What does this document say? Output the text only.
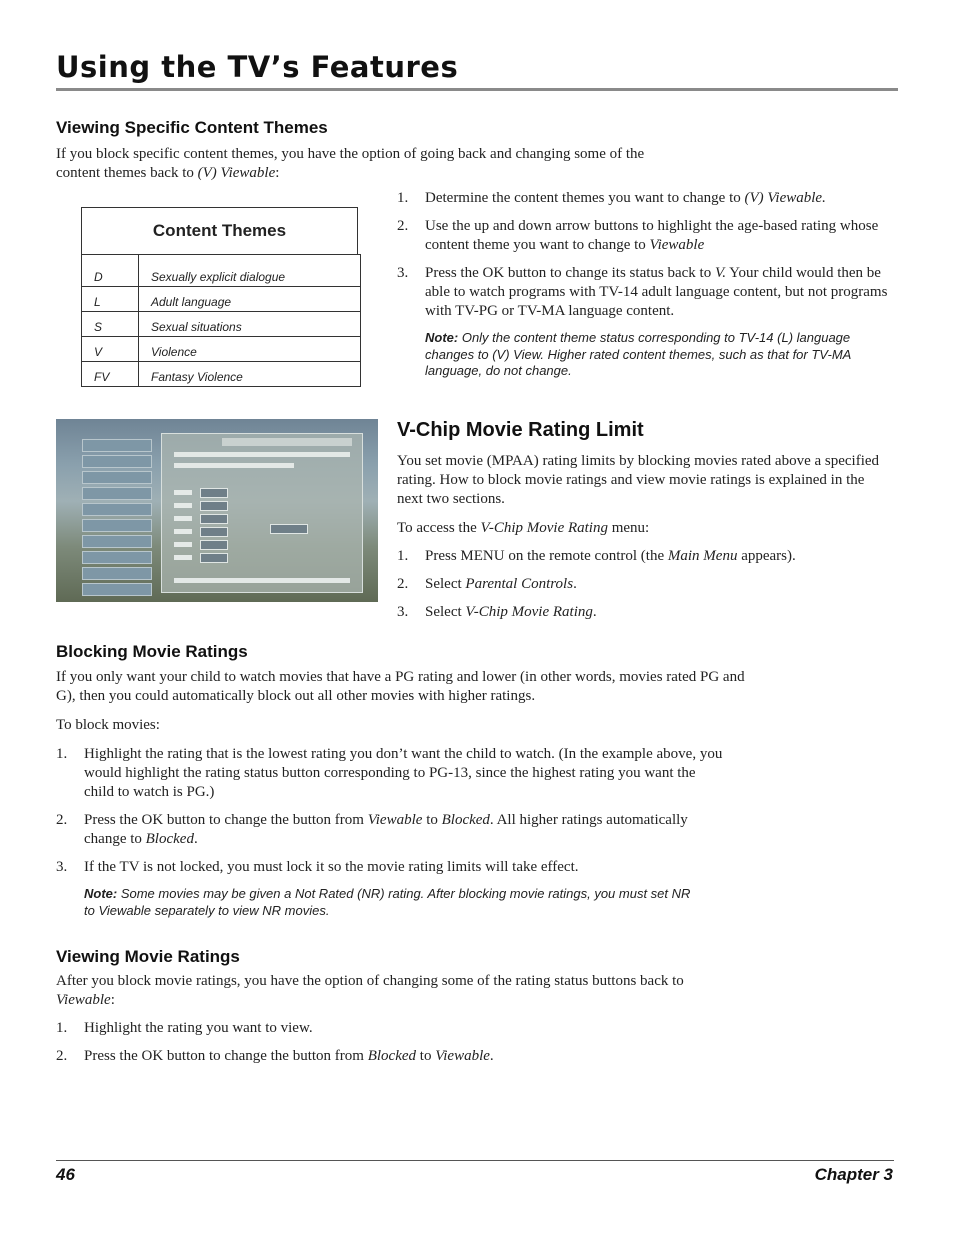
Using the TV’s Features
Viewing Specific Content Themes
If you block specific content themes, you have the option of going back and changing some of the
content themes back to (V) Viewable:
Content Themes
D	Sexually explicit dialogue
L	Adult language
S	Sexual situations
V	Violence
FV	Fantasy Violence
1. Determine the content themes you want to change to (V) Viewable.
2. Use the up and down arrow buttons to highlight the age-based rating whose content theme you want to change to Viewable
3. Press the OK button to change its status back to V. Your child would then be able to watch programs with TV-14 adult language content, but not programs with TV-PG or TV-MA language content.
Note: Only the content theme status corresponding to TV-14 (L) language changes to (V) View. Higher rated content themes, such as that for TV-MA language, do not change.
V-Chip Movie Rating Limit
You set movie (MPAA) rating limits by blocking movies rated above a specified rating. How to block movie ratings and view movie ratings is explained in the next two sections.
To access the V-Chip Movie Rating menu:
1. Press MENU on the remote control (the Main Menu appears).
2. Select Parental Controls.
3. Select V-Chip Movie Rating.
Blocking Movie Ratings
If you only want your child to watch movies that have a PG rating and lower (in other words, movies rated PG and G), then you could automatically block out all other movies with higher ratings.
To block movies:
1. Highlight the rating that is the lowest rating you don’t want the child to watch. (In the example above, you would highlight the rating status button corresponding to PG-13, since the highest rating you want the child to watch is PG.)
2. Press the OK button to change the button from Viewable to Blocked. All higher ratings automatically change to Blocked.
3. If the TV is not locked, you must lock it so the movie rating limits will take effect.
Note: Some movies may be given a Not Rated (NR) rating. After blocking movie ratings, you must set NR to Viewable separately to view NR movies.
Viewing Movie Ratings
After you block movie ratings, you have the option of changing some of the rating status buttons back to Viewable:
1. Highlight the rating you want to view.
2. Press the OK button to change the button from Blocked to Viewable.
46	Chapter 3
